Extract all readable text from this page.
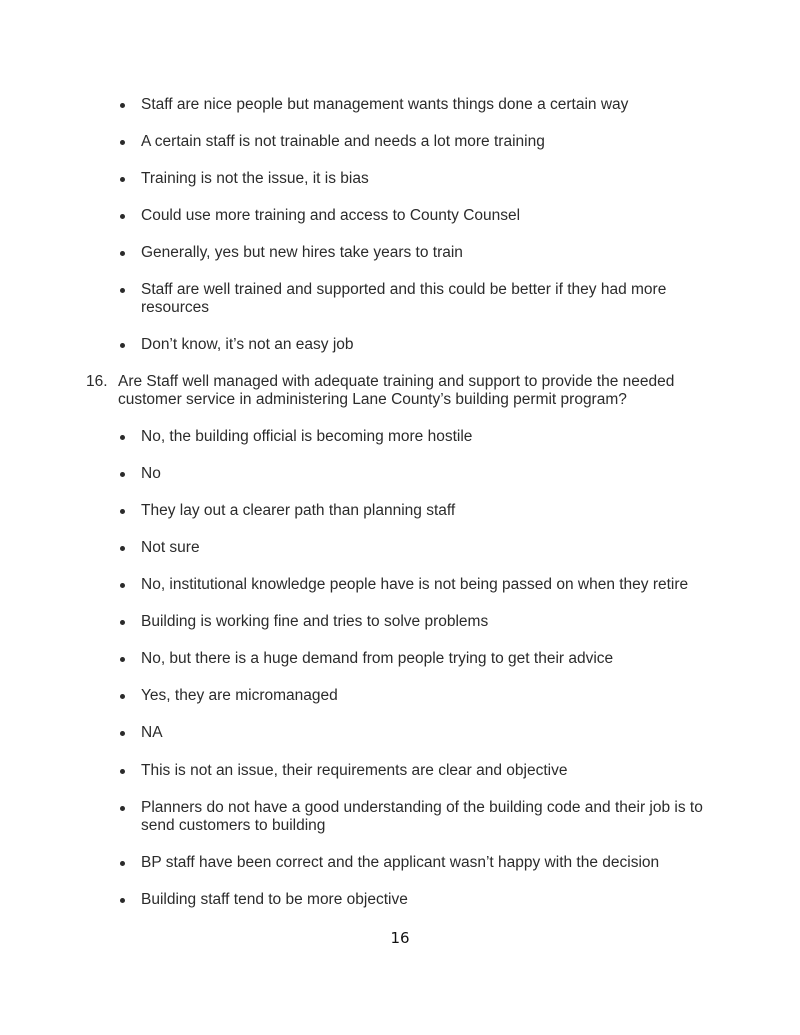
Staff are nice people but management wants things done a certain way
A certain staff is not trainable and needs a lot more training
Training is not the issue, it is bias
Could use more training and access to County Counsel
Generally, yes but new hires take years to train
Staff are well trained and supported and this could be better if they had more resources
Don’t know, it’s not an easy job
16. Are Staff well managed with adequate training and support to provide the needed customer service in administering Lane County’s building permit program?
No, the building official is becoming more hostile
No
They lay out a clearer path than planning staff
Not sure
No, institutional knowledge people have is not being passed on when they retire
Building is working fine and tries to solve problems
No, but there is a huge demand from people trying to get their advice
Yes, they are micromanaged
NA
This is not an issue, their requirements are clear and objective
Planners do not have a good understanding of the building code and their job is to send customers to building
BP staff have been correct and the applicant wasn’t happy with the decision
Building staff tend to be more objective
16
